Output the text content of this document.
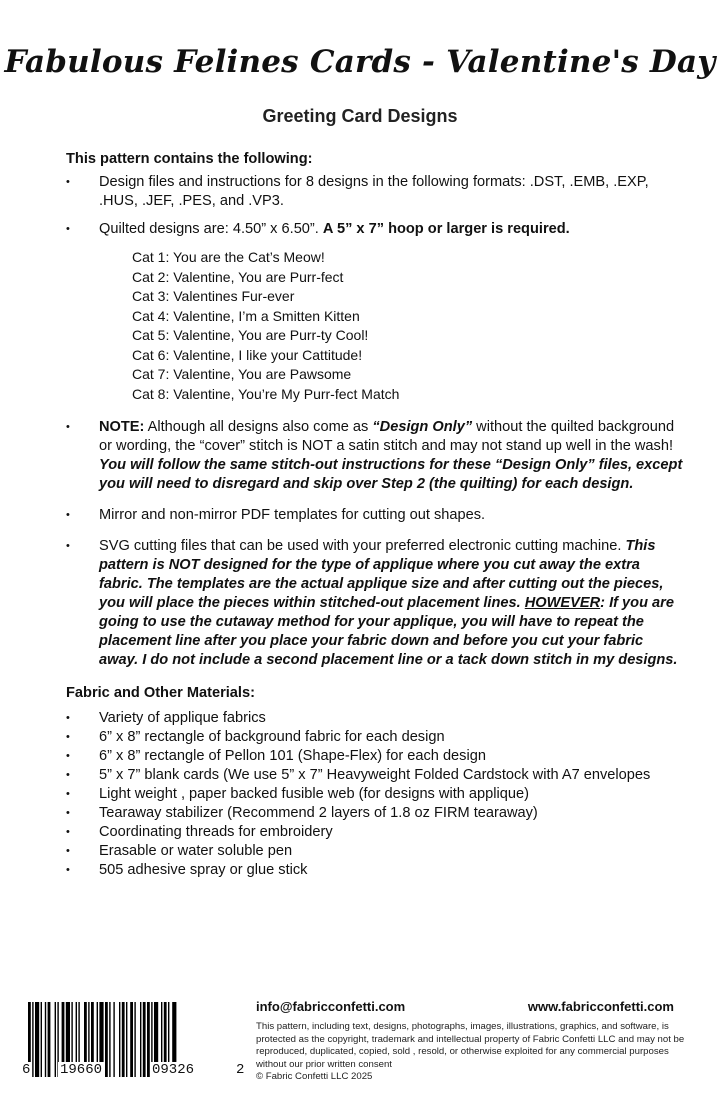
Fabulous Felines Cards - Valentine's Day
Greeting Card Designs
This pattern contains the following:
• Design files and instructions for 8 designs in the following formats: .DST, .EMB, .EXP, .HUS, .JEF, .PES, and .VP3.
• Quilted designs are: 4.50” x 6.50”. A 5” x 7” hoop or larger is required.
Cat 1: You are the Cat’s Meow!
Cat 2: Valentine, You are Purr-fect
Cat 3: Valentines Fur-ever
Cat 4: Valentine, I’m a Smitten Kitten
Cat 5: Valentine, You are Purr-ty Cool!
Cat 6: Valentine, I like your Cattitude!
Cat 7: Valentine, You are Pawsome
Cat 8: Valentine, You’re My Purr-fect Match
• NOTE: Although all designs also come as “Design Only” without the quilted background or wording, the “cover” stitch is NOT a satin stitch and may not stand up well in the wash! You will follow the same stitch-out instructions for these “Design Only” files, except you will need to disregard and skip over Step 2 (the quilting) for each design.
• Mirror and non-mirror PDF templates for cutting out shapes.
• SVG cutting files that can be used with your preferred electronic cutting machine. This pattern is NOT designed for the type of applique where you cut away the extra fabric. The templates are the actual applique size and after cutting out the pieces, you will place the pieces within stitched-out placement lines. HOWEVER: If you are going to use the cutaway method for your applique, you will have to repeat the placement line after you place your fabric down and before you cut your fabric away. I do not include a second placement line or a tack down stitch in my designs.
Fabric and Other Materials:
• Variety of applique fabrics
• 6” x 8” rectangle of background fabric for each design
• 6” x 8” rectangle of Pellon 101 (Shape-Flex) for each design
• 5” x 7” blank cards (We use 5” x 7” Heavyweight Folded Cardstock with A7 envelopes
• Light weight , paper backed fusible web (for designs with applique)
• Tearaway stabilizer (Recommend 2 layers of 1.8 oz FIRM tearaway)
• Coordinating threads for embroidery
• Erasable or water soluble pen
• 505 adhesive spray or glue stick
6 19660	09326	2
info@fabricconfetti.com	www.fabricconfetti.com
This pattern, including text, designs, photographs, images, illustrations, graphics, and software, is protected as the copyright, trademark and intellectual property of Fabric Confetti LLC and may not be reproduced, duplicated, copied, sold , resold, or otherwise exploited for any commercial purposes without our prior written consent
© Fabric Confetti LLC 2025
